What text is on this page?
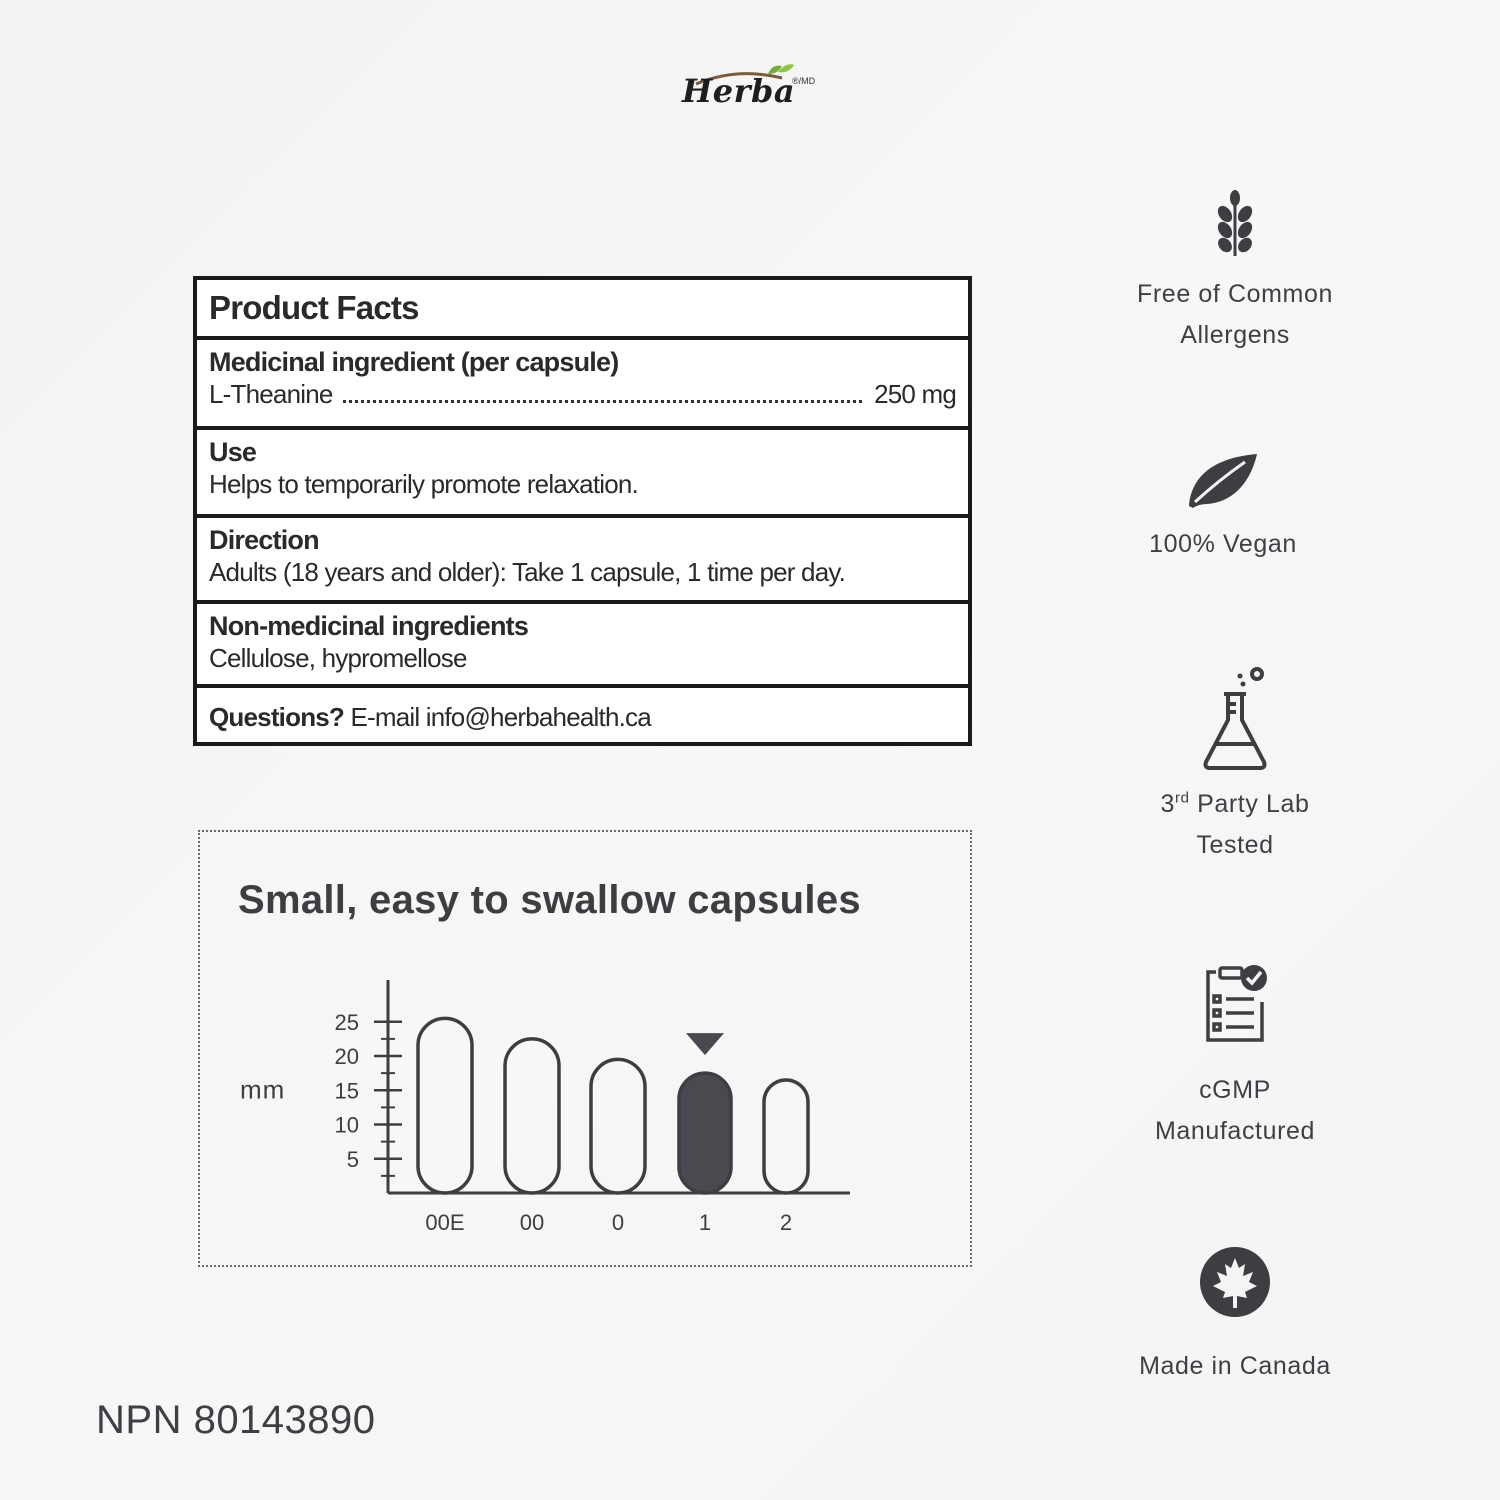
Herba
®/MD
Product Facts
Medicinal ingredient (per capsule)
L-Theanine	250 mg
Use
Helps to temporarily promote relaxation.
Direction
Adults (18 years and older): Take 1 capsule, 1 time per day.
Non-medicinal ingredients
Cellulose, hypromellose
Questions? E-mail info@herbahealth.ca
Small, easy to swallow capsules
mm
5
10
15
20
25
00E	00	0	1	2
Free of Common
Allergens
100% Vegan
3rd Party Lab
Tested
cGMP
Manufactured
Made in Canada
NPN 80143890
